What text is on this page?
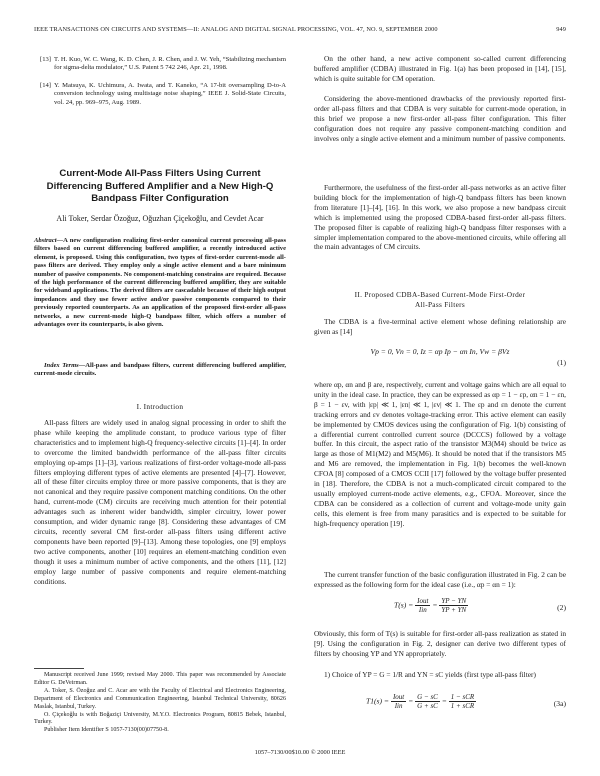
IEEE TRANSACTIONS ON CIRCUITS AND SYSTEMS—II: ANALOG AND DIGITAL SIGNAL PROCESSING, VOL. 47, NO. 9, SEPTEMBER 2000	949
[13] T. H. Kuo, W. C. Wang, K. D. Chen, J. R. Chen, and J. W. Yeh, “Stabilizing mechanism for sigma-delta modulator,” U.S. Patent 5 742 246, Apr. 21, 1998.
[14] Y. Matsuya, K. Uchimura, A. Iwata, and T. Kaneko, “A 17-bit oversampling D-to-A conversion technology using multistage noise shaping,” IEEE J. Solid-State Circuits, vol. 24, pp. 969–975, Aug. 1989.
Current-Mode All-Pass Filters Using Current Differencing Buffered Amplifier and a New High-Q Bandpass Filter Configuration
Ali Toker, Serdar Özoğuz, Oğuzhan Çiçekoğlu, and Cevdet Acar
Abstract—A new configuration realizing first-order canonical current processing all-pass filters based on current differencing buffered amplifier, a recently introduced active element, is proposed. Using this configuration, two types of first-order current-mode all-pass filters are derived. They employ only a single active element and a bare minimum number of passive components. No component-matching constrains are required. Because of the high performance of the current differencing buffered amplifier, they are suitable for wideband applications. The derived filters are cascadable because of their high output impedances and they use fewer active and/or passive components compared to their previously reported counterparts. As an application of the proposed first-order all-pass networks, a new current-mode high-Q bandpass filter, which offers a number of advantages over its counterparts, is also given.
Index Terms—All-pass and bandpass filters, current differencing buffered amplifier, current-mode circuits.
I. Introduction

All-pass filters are widely used in analog signal processing in order to shift the phase while keeping the amplitude constant, to produce various type of filter characteristics and to implement high-Q frequency-selective circuits [1]–[4]. In order to overcome the limited bandwidth performance of the all-pass filter circuits employing op-amps [1]–[3], various realizations of first-order voltage-mode all-pass filters employing different types of active elements are presented [4]–[7]. However, all of these filter circuits employ three or more passive components, that is they are not canonical and they require passive component matching conditions. On the other hand, current-mode (CM) circuits are receiving much attention for their potential advantages such as inherent wider bandwidth, simpler circuitry, lower power consumption, and wider dynamic range [8]. Considering these advantages of CM circuits, recently several CM first-order all-pass filters using different active components have been reported [9]–[13]. Among these topologies, one [9] employs two active components, another [10] requires an element-matching condition even though it uses a minimum number of active components, and the others [11], [12] employ large number of passive components and require element-matching conditions.

Manuscript received June 1999; revised May 2000. This paper was recommended by Associate Editor G. DeVeirman.
A. Toker, S. Özoğuz and C. Acar are with the Faculty of Electrical and Electronics Engineering, Department of Electronics and Communication Engineering, Istanbul Technical University, 80626 Maslak, Istanbul, Turkey.
O. Çiçekoğlu is with Boğaziçi University, M.Y.O. Electronics Program, 80815 Bebek, Istanbul, Turkey.
Publisher Item Identifier S 1057-7130(00)07750-8.

On the other hand, a new active component so-called current differencing buffered amplifier (CDBA) illustrated in Fig. 1(a) has been proposed in [14], [15], which is quite suitable for CM operation.

Considering the above-mentioned drawbacks of the previously reported first-order all-pass filters and that CDBA is very suitable for current-mode operation, in this brief we propose a new first-order all-pass filter configuration. This filter configuration does not require any passive component-matching condition and involves only a single active element and a minimum number of passive components.

Furthermore, the usefulness of the first-order all-pass networks as an active filter building block for the implementation of high-Q bandpass filters has been known from literature [1]–[4], [16]. In this work, we also propose a new bandpass circuit which is implemented using the proposed CDBA-based first-order all-pass filters. The proposed filter is capable of realizing high-Q bandpass filter responses with a simpler implementation compared to the above-mentioned circuits, while offering all the main advantages of CM circuits.

II. Proposed CDBA-Based Current-Mode First-Order
All-Pass Filters

The CDBA is a five-terminal active element whose defining relationship are given as [14]

Vp = 0, Vn = 0, Iz = αp Ip − αn In, Vw = βVz
(1)

where αp, αn and β are, respectively, current and voltage gains which are all equal to unity in the ideal case. In practice, they can be expressed as αp = 1 − εp, αn = 1 − εn, β = 1 − εv, with |εp| ≪ 1, |εn| ≪ 1, |εv| ≪ 1. The εp and εn denote the current tracking errors and εv denotes voltage-tracking error. This active element can easily be implemented by CMOS devices using the configuration of Fig. 1(b) consisting of a differential current controlled current source (DCCCS) followed by a voltage buffer. In this circuit, the aspect ratio of the transistor M3(M4) should be twice as large as those of M1(M2) and M5(M6). It should be noted that if the transistors M5 and M6 are removed, the implementation in Fig. 1(b) becomes the well-known CFOA [8] composed of a CMOS CCII [17] followed by the voltage buffer presented in [18]. Therefore, the CDBA is not a much-complicated circuit compared to the usually employed current-mode active elements, e.g., CFOA. Moreover, since the CDBA can be considered as a collection of current and voltage-mode unity gain cells, this element is free from many parasitics and is expected to be suitable for high-frequency operation [19].

The current transfer function of the basic configuration illustrated in Fig. 2 can be expressed as the following form for the ideal case (i.e., αp = αn = 1):

$T(s) = \frac{\text{Iout}}{\text{Iin}} = \frac{YP - YN}{YP + YN}$	(2)

Obviously, this form of T(s) is suitable for first-order all-pass realization as stated in [9]. Using the configuration in Fig. 2, designer can derive two different types of filters by choosing YP and YN appropriately.

1) Choice of YP = G = 1/R and YN = sC yields (first type all-pass filter)
$T1(s) = \frac{\text{Iout}}{\text{Iin}} = \frac{G - sC}{G + sC} = \frac{\text{1 − sCR}}{\text{1 + sCR}}$	(3a)
1057–7130/00$10.00 © 2000 IEEE
